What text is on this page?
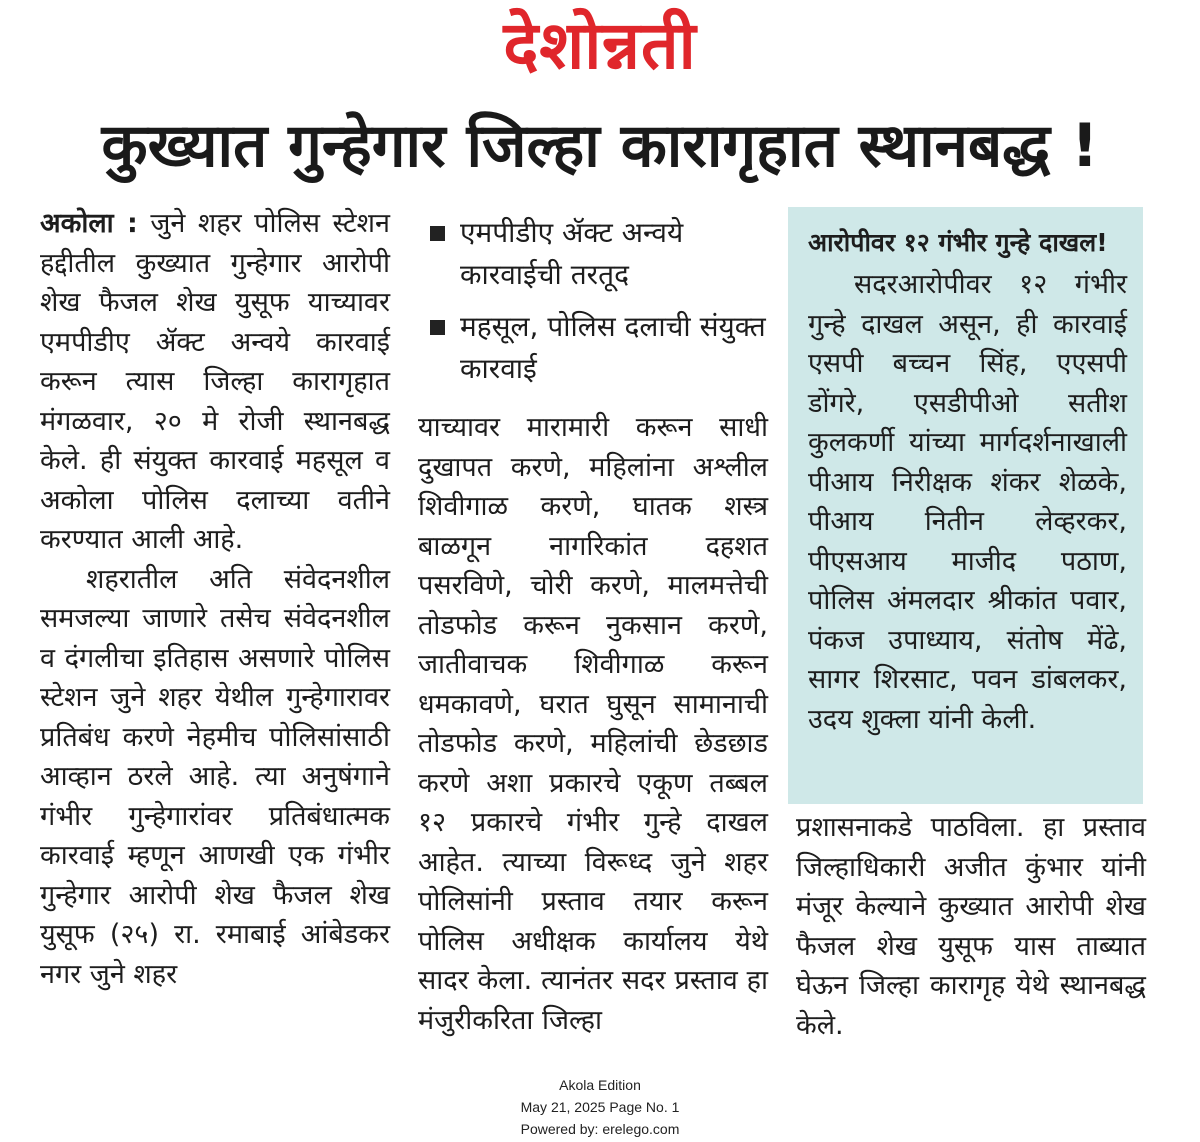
देशोन्नती
कुख्यात गुन्हेगार जिल्हा कारागृहात स्थानबद्ध !

अकोला : जुने शहर पोलिस स्टेशन हद्दीतील कुख्यात गुन्हेगार आरोपी शेख फैजल शेख युसूफ याच्यावर एमपीडीए ॲक्ट अन्वये कारवाई करून त्यास जिल्हा कारागृहात मंगळवार, २० मे रोजी स्थानबद्ध केले. ही संयुक्त कारवाई महसूल व अकोला पोलिस दलाच्या वतीने करण्यात आली आहे.

शहरातील अति संवेदनशील समजल्या जाणारे तसेच संवेदनशील व दंगलीचा इतिहास असणारे पोलिस स्टेशन जुने शहर येथील गुन्हेगारावर प्रतिबंध करणे नेहमीच पोलिसांसाठी आव्हान ठरले आहे. त्या अनुषंगाने गंभीर गुन्हेगारांवर प्रतिबंधात्मक कारवाई म्हणून आणखी एक गंभीर गुन्हेगार आरोपी शेख फैजल शेख युसूफ (२५) रा. रमाबाई आंबेडकर नगर जुने शहर

एमपीडीए ॲक्ट अन्वये कारवाईची तरतूद
महसूल, पोलिस दलाची संयुक्त कारवाई

याच्यावर मारामारी करून साधी दुखापत करणे, महिलांना अश्लील शिवीगाळ करणे, घातक शस्त्र बाळगून नागरिकांत दहशत पसरविणे, चोरी करणे, मालमत्तेची तोडफोड करून नुकसान करणे, जातीवाचक शिवीगाळ करून धमकावणे, घरात घुसून सामानाची तोडफोड करणे, महिलांची छेडछाड करणे अशा प्रकारचे एकूण तब्बल १२ प्रकारचे गंभीर गुन्हे दाखल आहेत. त्याच्या विरूध्द जुने शहर पोलिसांनी प्रस्ताव तयार करून पोलिस अधीक्षक कार्यालय येथे सादर केला. त्यानंतर सदर प्रस्ताव हा मंजुरीकरिता जिल्हा

आरोपीवर १२ गंभीर गुन्हे दाखल!

सदरआरोपीवर १२ गंभीर गुन्हे दाखल असून, ही कारवाई एसपी बच्चन सिंह, एएसपी डोंगरे, एसडीपीओ सतीश कुलकर्णी यांच्या मार्गदर्शनाखाली पीआय निरीक्षक शंकर शेळके, पीआय नितीन लेव्हरकर, पीएसआय माजीद पठाण, पोलिस अंमलदार श्रीकांत पवार, पंकज उपाध्याय, संतोष मेंढे, सागर शिरसाट, पवन डांबलकर, उदय शुक्ला यांनी केली.

प्रशासनाकडे पाठविला. हा प्रस्ताव जिल्हाधिकारी अजीत कुंभार यांनी मंजूर केल्याने कुख्यात आरोपी शेख फैजल शेख युसूफ यास ताब्यात घेऊन जिल्हा कारागृह येथे स्थानबद्ध केले.

Akola Edition
May 21, 2025 Page No. 1
Powered by: erelego.com
